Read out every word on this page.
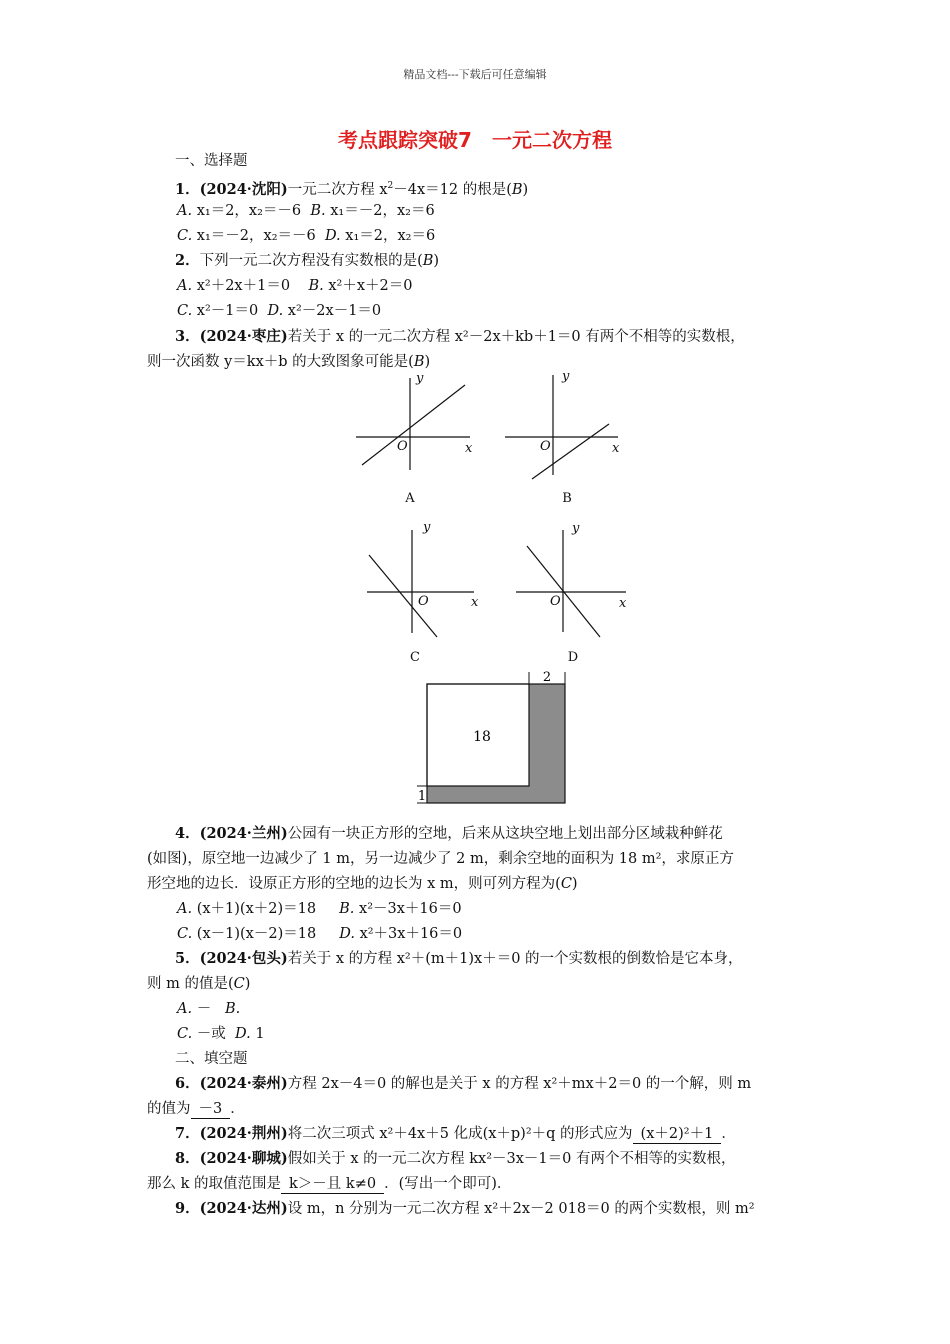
精品文档---下载后可任意编辑
考点跟踪突破7　一元二次方程
一、选择题
1．(2024·沈阳)一元二次方程 $x^2-4x=12$ 的根是(B)
A. x₁＝2，x₂＝－6 B. x₁＝－2，x₂＝6
C. x₁＝－2，x₂＝－6 D. x₁＝2，x₂＝6
2．下列一元二次方程没有实数根的是(B)
A. x²＋2x＋1＝0 B. x²＋x＋2＝0
C. x²－1＝0 D. x²－2x－1＝0
3．(2024·枣庄)若关于 x 的一元二次方程 x²－2x＋kb＋1＝0 有两个不相等的实数根，
则一次函数 y＝kx＋b 的大致图象可能是(B)
y
x
O
y
x
O
y
x
O
y
x
O
A	B
C	D
18
2
1
4．(2024·兰州)公园有一块正方形的空地，后来从这块空地上划出部分区域栽种鲜花
(如图)，原空地一边减少了 1 m，另一边减少了 2 m，剩余空地的面积为 18 m²，求原正方
形空地的边长．设原正方形的空地的边长为 x m，则可列方程为(C)
A. (x＋1)(x＋2)＝18 B. x²－3x＋16＝0
C. (x－1)(x－2)＝18 D. x²＋3x＋16＝0
5．(2024·包头)若关于 x 的方程 x²＋(m＋1)x＋＝0 的一个实数根的倒数恰是它本身，
则 m 的值是(C)
A. － B.
C. －或 D. 1
二、填空题
6．(2024·泰州)方程 2x－4＝0 的解也是关于 x 的方程 x²＋mx＋2＝0 的一个解，则 m
的值为 －3 ．
7．(2024·荆州)将二次三项式 x²＋4x＋5 化成(x＋p)²＋q 的形式应为 (x＋2)²＋1 ．
8．(2024·聊城)假如关于 x 的一元二次方程 kx²－3x－1＝0 有两个不相等的实数根，
那么 k 的取值范围是 k＞－且 k≠0 ．(写出一个即可)．
9．(2024·达州)设 m，n 分别为一元二次方程 x²＋2x－2 018＝0 的两个实数根，则 m²
